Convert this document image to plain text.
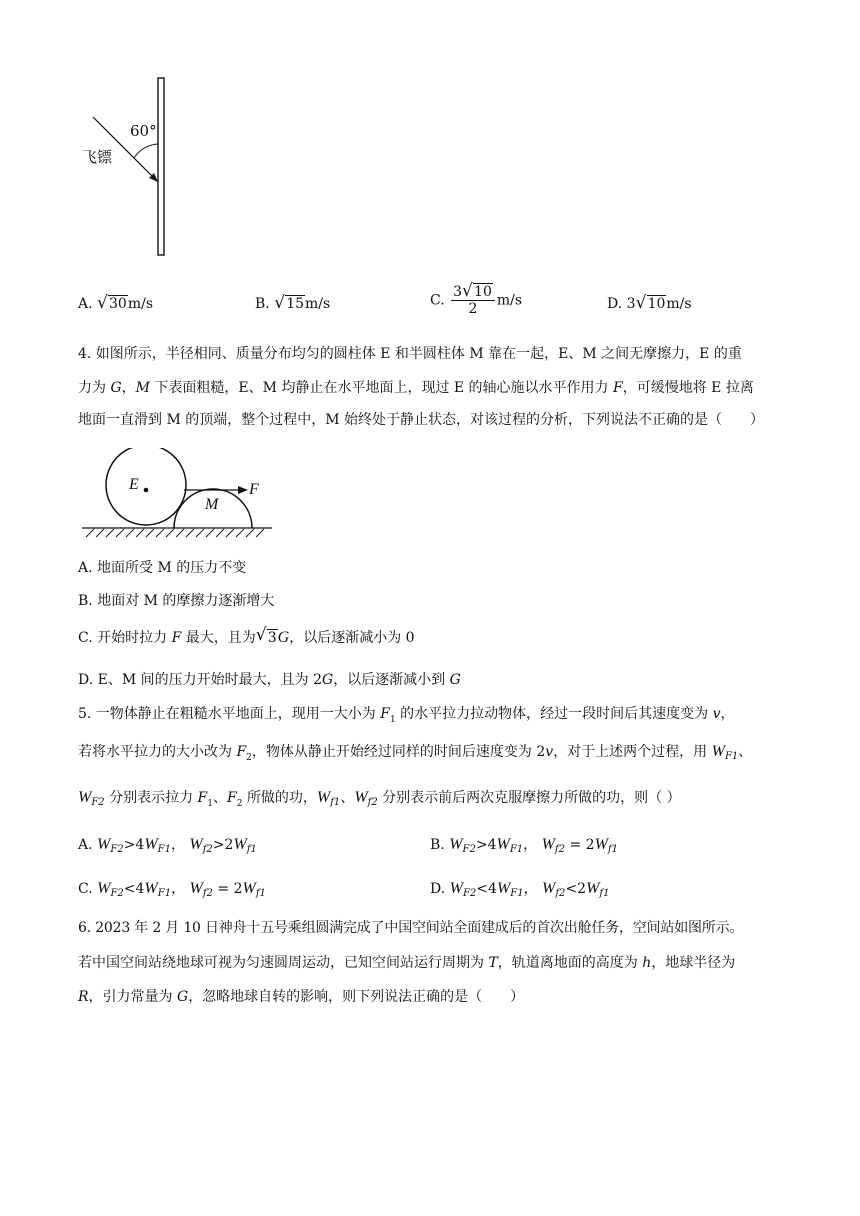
60°
飞镖
A. √ 30m/s	B. √ 15m/s	C. $\frac{3 √ 10}{2} m/s$	D. 3 √ 10m/s
4. 如图所示，半径相同、质量分布均匀的圆柱体 E 和半圆柱体 M 靠在一起，E、M 之间无摩擦力，E 的重
力为 G，M 下表面粗糙，E、M 均静止在水平地面上，现过 E 的轴心施以水平作用力 F，可缓慢地将 E 拉离
地面一直滑到 M 的顶端，整个过程中，M 始终处于静止状态，对该过程的分析，下列说法不正确的是（　　）
E
M
F
A. 地面所受 M 的压力不变
B. 地面对 M 的摩擦力逐渐增大
C. 开始时拉力 F 最大，且为 √ 3G，以后逐渐减小为 0
D. E、M 间的压力开始时最大，且为 2G，以后逐渐减小到 G
5. 一物体静止在粗糙水平地面上，现用一大小为 $F_1$ 的水平拉力拉动物体，经过一段时间后其速度变为 v，
若将水平拉力的大小改为 $F_2$，物体从静止开始经过同样的时间后速度变为 2v，对于上述两个过程，用 $W_{F1}$、
$W_{F2}$ 分别表示拉力 $F_1$、$F_2$ 所做的功，$W_{f1}$、$W_{f2}$ 分别表示前后两次克服摩擦力所做的功，则（ ）
A. $W_{F2}>4W_{F1}$， $W_{f2}>2W_{f1}$	B. $W_{F2}>4W_{F1}$， $W_{f2} = 2W_{f1}$
C. $W_{F2}<4W_{F1}$， $W_{f2} = 2W_{f1}$	D. $W_{F2}<4W_{F1}$， $W_{f2}<2W_{f1}$
6. 2023 年 2 月 10 日神舟十五号乘组圆满完成了中国空间站全面建成后的首次出舱任务，空间站如图所示。
若中国空间站绕地球可视为匀速圆周运动，已知空间站运行周期为 T，轨道离地面的高度为 h，地球半径为
R，引力常量为 G，忽略地球自转的影响，则下列说法正确的是（　　）
